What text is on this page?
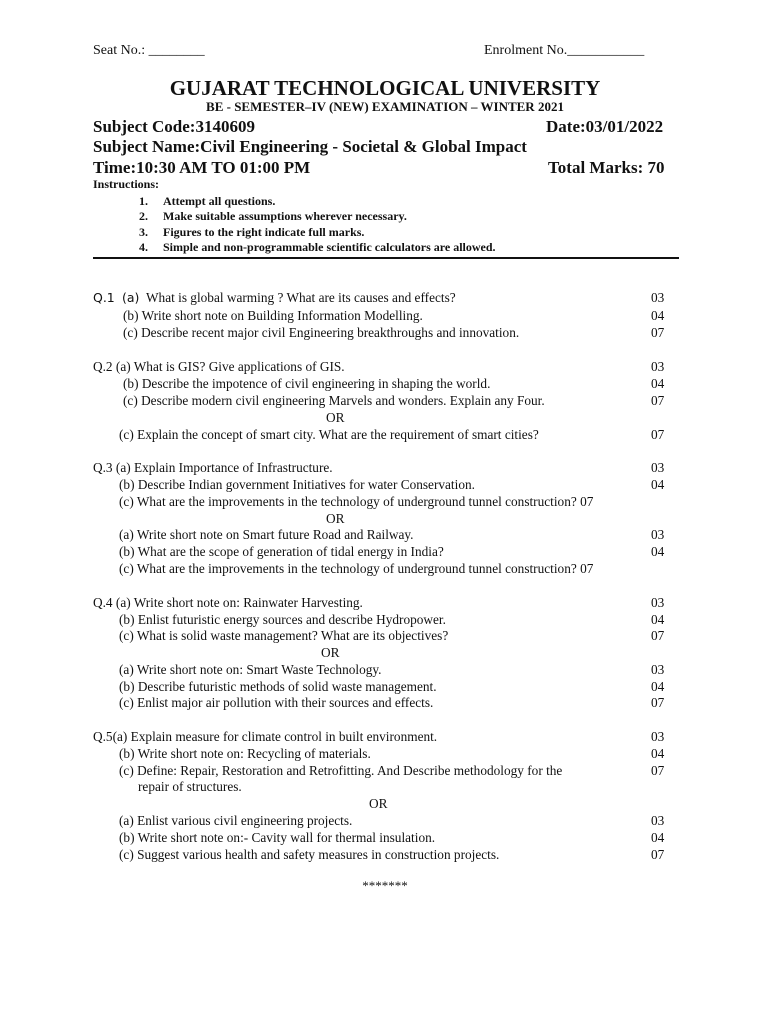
Seat No.: ________	Enrolment No.___________
GUJARAT TECHNOLOGICAL UNIVERSITY
BE - SEMESTER–IV (NEW) EXAMINATION – WINTER 2021
Subject Code:3140609	Date:03/01/2022
Subject Name:Civil Engineering - Societal & Global Impact
Time:10:30 AM TO 01:00 PM	Total Marks: 70
Instructions:
1. Attempt all questions.
2. Make suitable assumptions wherever necessary.
3. Figures to the right indicate full marks.
4. Simple and non-programmable scientific calculators are allowed.
Q.1 (a) What is global warming ? What are its causes and effects?	03
(b) Write short note on Building Information Modelling.	04
(c) Describe recent major civil Engineering breakthroughs and innovation.	07
Q.2 (a) What is GIS? Give applications of GIS.	03
(b) Describe the impotence of civil engineering in shaping the world.	04
(c) Describe modern civil engineering Marvels and wonders. Explain any Four.	07
OR
(c) Explain the concept of smart city. What are the requirement of smart cities?	07
Q.3 (a) Explain Importance of Infrastructure.	03
(b) Describe Indian government Initiatives for water Conservation.	04
(c) What are the improvements in the technology of underground tunnel construction? 07
OR
(a) Write short note on Smart future Road and Railway.	03
(b) What are the scope of generation of tidal energy in India?	04
(c) What are the improvements in the technology of underground tunnel construction? 07
Q.4 (a) Write short note on: Rainwater Harvesting.	03
(b) Enlist futuristic energy sources and describe Hydropower.	04
(c) What is solid waste management? What are its objectives?	07
OR
(a) Write short note on: Smart Waste Technology.	03
(b) Describe futuristic methods of solid waste management.	04
(c) Enlist major air pollution with their sources and effects.	07
Q.5(a) Explain measure for climate control in built environment.	03
(b) Write short note on: Recycling of materials.	04
(c) Define: Repair, Restoration and Retrofitting. And Describe methodology for the	07
repair of structures.
OR
(a) Enlist various civil engineering projects.	03
(b) Write short note on:- Cavity wall for thermal insulation.	04
(c) Suggest various health and safety measures in construction projects.	07
*******
